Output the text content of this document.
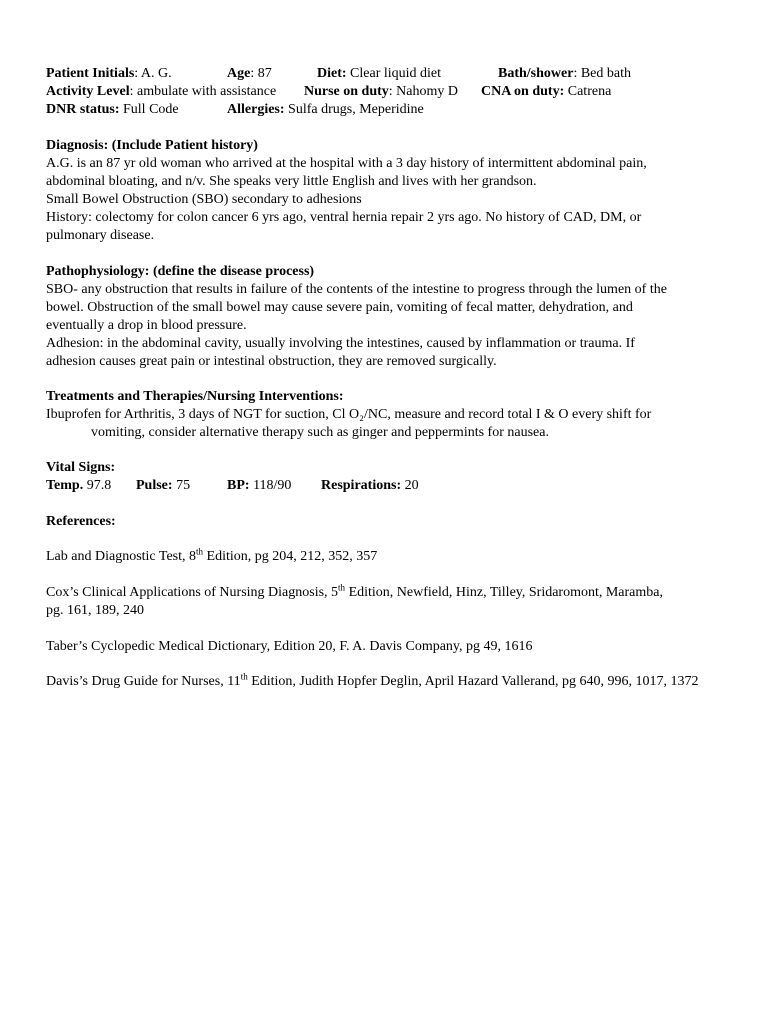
Patient Initials: A. G.	Age: 87	Diet: Clear liquid diet	Bath/shower: Bed bath
Activity Level: ambulate with assistance Nurse on duty: Nahomy D CNA on duty: Catrena
DNR status: Full Code	Allergies: Sulfa drugs, Meperidine
Diagnosis: (Include Patient history)
A.G. is an 87 yr old woman who arrived at the hospital with a 3 day history of intermittent abdominal pain,
abdominal bloating, and n/v. She speaks very little English and lives with her grandson.
Small Bowel Obstruction (SBO) secondary to adhesions
History: colectomy for colon cancer 6 yrs ago, ventral hernia repair 2 yrs ago. No history of CAD, DM, or
pulmonary disease.
Pathophysiology: (define the disease process)
SBO- any obstruction that results in failure of the contents of the intestine to progress through the lumen of the
bowel. Obstruction of the small bowel may cause severe pain, vomiting of fecal matter, dehydration, and
eventually a drop in blood pressure.
Adhesion: in the abdominal cavity, usually involving the intestines, caused by inflammation or trauma. If
adhesion causes great pain or intestinal obstruction, they are removed surgically.
Treatments and Therapies/Nursing Interventions:
Ibuprofen for Arthritis, 3 days of NGT for suction, Cl O₂/NC, measure and record total I & O every shift for
vomiting, consider alternative therapy such as ginger and peppermints for nausea.
Vital Signs:
Temp. 97.8 Pulse: 75	BP: 118/90 Respirations: 20
References:
Lab and Diagnostic Test, 8th Edition, pg 204, 212, 352, 357
Cox’s Clinical Applications of Nursing Diagnosis, 5th Edition, Newfield, Hinz, Tilley, Sridaromont, Maramba,
pg. 161, 189, 240
Taber’s Cyclopedic Medical Dictionary, Edition 20, F. A. Davis Company, pg 49, 1616
Davis’s Drug Guide for Nurses, 11th Edition, Judith Hopfer Deglin, April Hazard Vallerand, pg 640, 996, 1017, 1372
